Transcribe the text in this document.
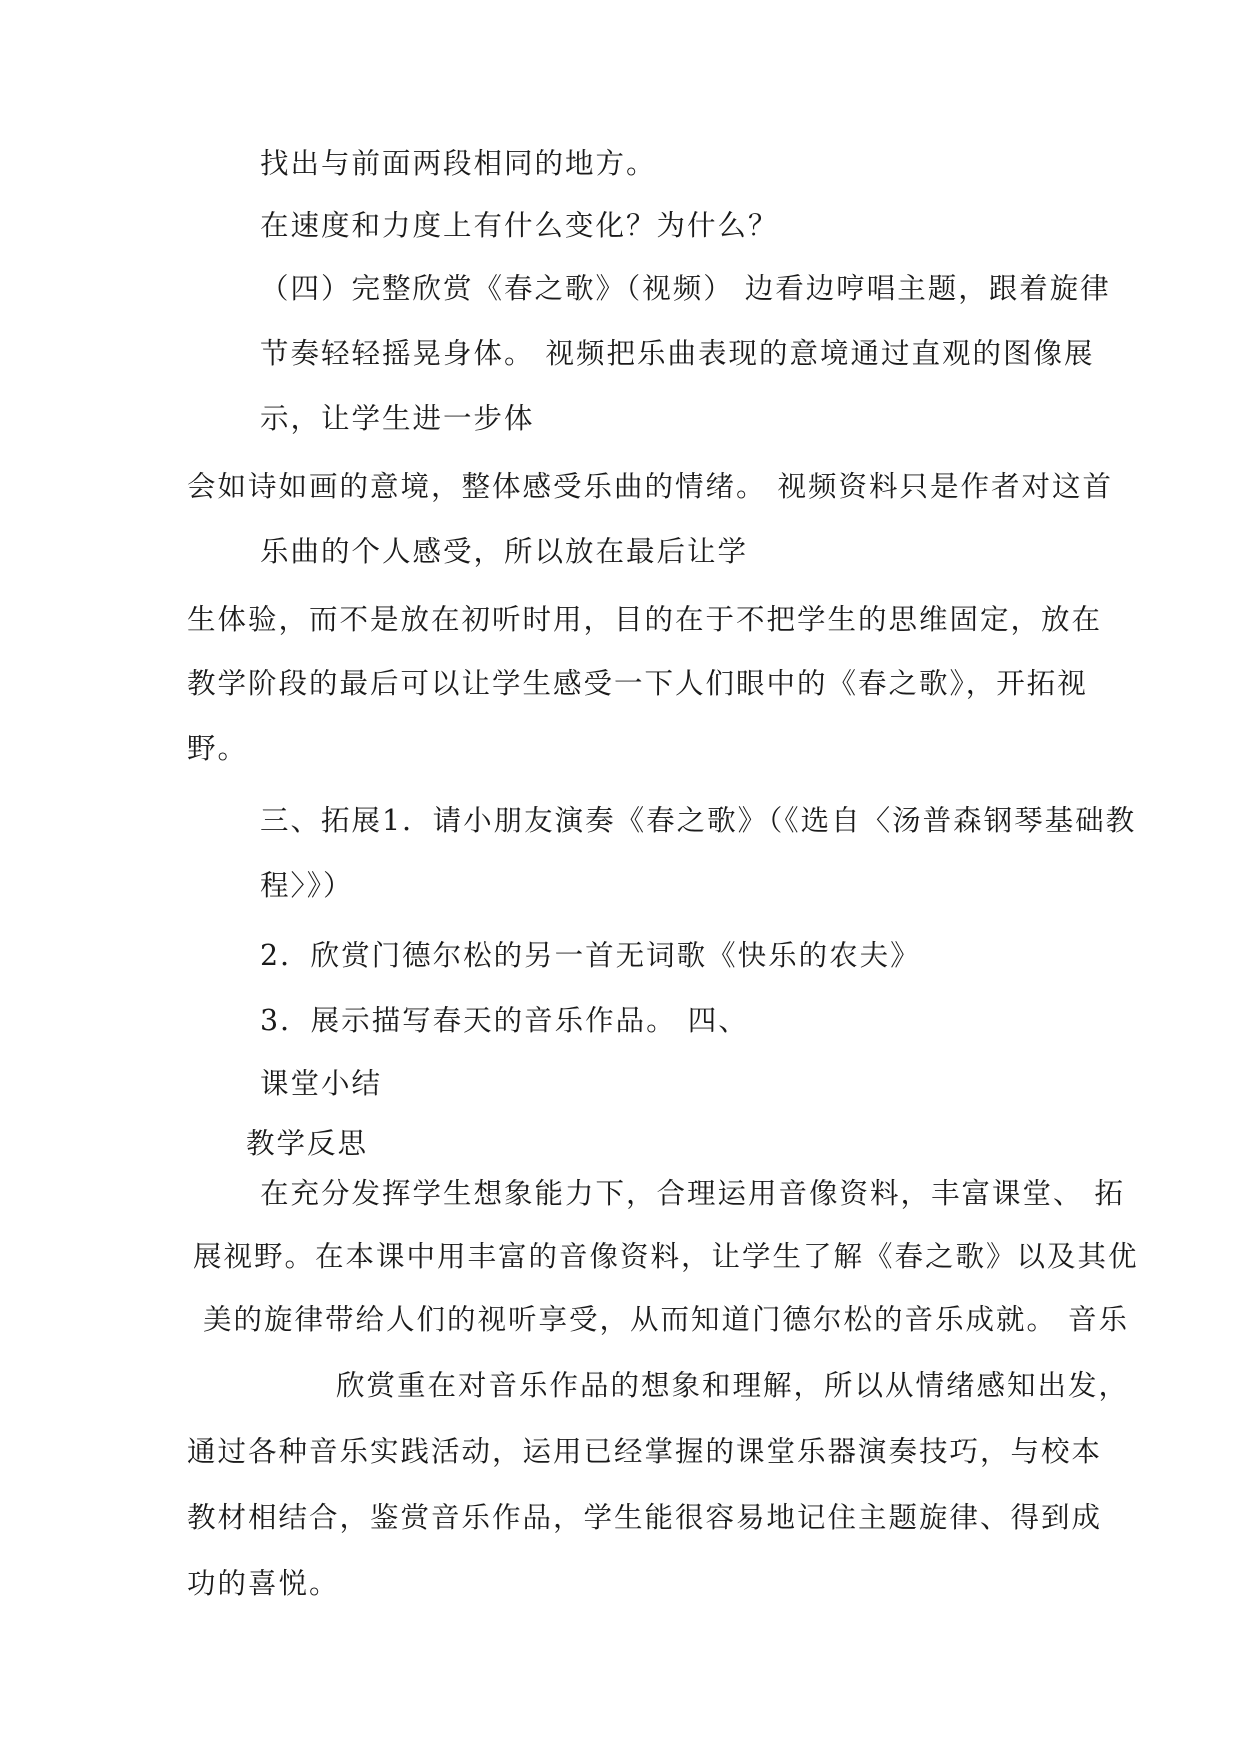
找出与前面两段相同的地方。

在速度和力度上有什么变化？为什么？

（四）完整欣赏《春之歌》（视频） 边看边哼唱主题，跟着旋律

节奏轻轻摇晃身体。 视频把乐曲表现的意境通过直观的图像展

示，让学生进一步体

会如诗如画的意境，整体感受乐曲的情绪。 视频资料只是作者对这首

乐曲的个人感受，所以放在最后让学

生体验，而不是放在初听时用，目的在于不把学生的思维固定，放在

教学阶段的最后可以让学生感受一下人们眼中的《春之歌》，开拓视

野。

三、拓展1．请小朋友演奏《春之歌》（《选自〈汤普森钢琴基础教

程〉》）

2．欣赏门德尔松的另一首无词歌《快乐的农夫》

3．展示描写春天的音乐作品。 四、

课堂小结

教学反思

在充分发挥学生想象能力下，合理运用音像资料，丰富课堂、 拓

展视野。在本课中用丰富的音像资料，让学生了解《春之歌》以及其优

美的旋律带给人们的视听享受，从而知道门德尔松的音乐成就。 音乐

欣赏重在对音乐作品的想象和理解，所以从情绪感知出发，

通过各种音乐实践活动，运用已经掌握的课堂乐器演奏技巧，与校本

教材相结合，鉴赏音乐作品，学生能很容易地记住主题旋律、得到成

功的喜悦。
